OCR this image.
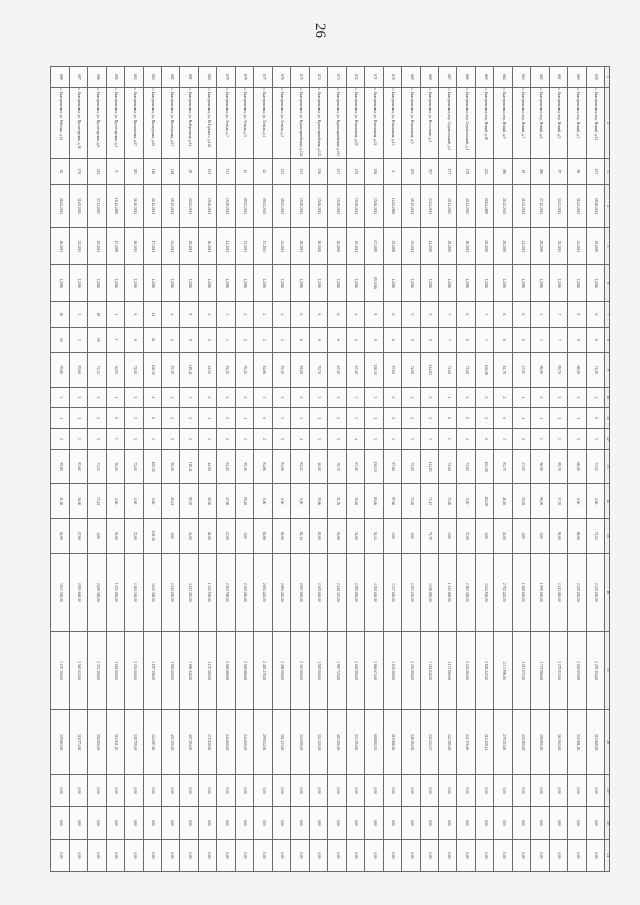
26
1	2	3	4	5	6	7	8	9	10	11	12	13	14	15	16	17	18	19	20	21
659	с. Екатериновка, пер. Новый, д.14	157	18.08.2011	19.2019	1,2016	6	6	71,20	2	0	3	73,52	0,00	71,52	2 325 200,00	2 278 104,00	212 668,58	0,00	0,00	0,00
660	с. Екатериновка, пер. Новый, д.3	96	21.03.2011	24.2011	1,2016	8	8	68,00	2	1	2	68,00	0,00	68,00	2 325 200,00	2 049 059,98	211 881,26	0,00	0,00	0,00
661	с. Екатериновка, пер. Новый, д.5	97	22.03.2011	25.2011	1,2016	7	7	85,70	2	1	1	89,70	37,70	50,00	2 413 026,00	2 279 033,00	263 962,00	0,00	0,00	0,00
662	с. Екатериновка, пер. Новый, д.6	380	27.12.2011	28.2019	1,2016	3	3	96,90	2	1	1	96,90	96,90	0,00	1 998 200,00	1 771 866,00	196 851,00	0,00	0,00	0,00
663	с. Екатериновка, пер. Новый, д.7	18	21.02.2011	21.2011	1,2016	6	6	37,55	1	1	0	37,55	15,92	0,00	1 260 400,00	1 113 572,00	120 485,00	0,00	0,00	0,00
664	с. Екатериновка, пер. Новый, д.9	380	26.12.2011	29.2019	1,2016	6	6	82,70	2	0	3	82,70	46,46	34,00	2 792 220,00	2 3 1 996,00	279 253,00	0,00	0,00	0,00
665	с. Екатериновка, пер. Новый, д.10	432	05.04.2009	09.2010	1,2016	3	3	103,08	2	2	0	103,08	103,08	0,00	3 044 500,00	2 828 247,00	215 418,14	0,00	0,00	0,00
666	с. Екатериновка, пер. Строительный, д.1	175	30.11.2011	16.2011	1,2016	6	6	72,00	2	0	3	72,00	0,00	72,00	2 481 300,00	2 242 063,00	244 176,00	0,00	0,00	0,00
667	с. Екатериновка, пер. Строительный, д.3	177	30.11.2011	18.2015	1,2016	7	7	72,00	1	0	1	72,00	72,00	0,00	1 341 000,00	1 173 066,00	124 385,00	0,00	0,00	0,00
668	с. Екатериновка, ул. Восточная, д.3	357	23.04.2011	14.2015	1,2016	5	5	144,83	2	2	3	144,83	73,13	71,70	3 516 000,00	3 251 640,00	242 222,37	0,00	0,00	0,00
669	с. Екатериновка, ул. Вокзальная, д.5	201	28.12.2011	23.2011	1,2016	5	5	72,00	2	2	3	72,00	72,00	0,00	2 451 230,00	2 235 090,00	248 192,00	0,00	0,00	0,00
670	с. Екатериновка, ул. Вокзальная, д.13	6	14.02.2009	15.2009	1,2016	6	6	97,60	2	2	2	97,60	97,60	0,00	3 337 400,00	3 031 000,00	215 866,00	0,00	0,00	0,00
671	с. Екатериновка, ул. Вокзальная, д.24	156	15.06.2011	07.2019	09.2016	8	8	120,10	3	1	3	120,10	65,66	54,44	4 150 400,00	3 866 674,00	608 002,93	0,00	0,00	0,00
672	с. Екатериновка, ул. Вокзальная, д.29	135	15.08.2011	15.2011	1,2016	4	4	67,40	3	3	4	67,40	36,40	31,00	2 285 000,00	2 049 580,00	233 294,00	0,00	0,00	0,00
673	с. Екатериновка, ул. Красноармейская, д.111	137	15.06.2011	16.2002	1,2016	6	6	67,40	2	2	2	70,70	31,76	35,80	2 440 325,00	3 967 725,00	483 451,00	0,00	0,00	0,00
674	с. Екатериновка, ул. Красноармейская, д.123	136	15.06.2011	16.2002	1,2016	6	6	70,70	3	1	3	40,00	39,66	20,00	2 145 000,00	1 920 000,00	254 320,00	0,00	0,00	0,00
675	с. Екатериновка, ул. Красноармейская, д.124	133	15.08.2011	20.2011	1,2016	6	6	82,00	2	3	4	82,22	0,00	82,14	2 657 000,00	2 310 000,00	324 000,00	0,00	0,00	0,00
676	с. Екатериновка, ул. Лесная, д.2	233	28.03.2011	24.2011	1,2016	4	4	93,30	2	3	2	84,66	0,00	84,00	2 694 440,00	2 408 000,00	301 213,00	0,00	0,00	0,00
677	с. Екатериновка, ул. Лесная, д.4	42	09.03.2011	13.2011	1,2016	4	4	84,66	3	0	2	84,66	0,00	84,66	2 694 440,00	2 418 276,00	298 022,00	0,00	0,00	0,00
678	с. Екатериновка, ул. Лесная, д.5	43	09.03.2011	13.2011	1,2016	4	4	95,40	2	1	3	95,40	95,40	0,00	2 300 416,00	2 048 666,00	244 000,00	0,00	0,00	0,00
679	с. Екатериновка, ул. Лесная, д.7	133	15.08.2011	14.2011	1,2016	3	3	94,20	2	2	2	94,20	47,00	47,00	2 292 760,00	2 048 666,00	244 000,00	0,00	0,00	0,00
680	с. Екатериновка, ул. М.Горького, д.102	153	15.06.2011	16.2011	1,2016	4	4	44,50	2	1	2	44,50	18,50	26,00	1 325 500,00	1 157 282,00	172 528,00	0,00	0,00	0,00
681	с. Екатериновка, ул. Набережная, д.14	28	20.02.2011	19.2011	1,2016	8	8	119,42	3	2	2	119,42	85,30	34,00	4 127 340,00	3 690 140,00	407 294,00	0,00	0,00	0,00
682	с. Екатериновка, ул. Пионерская, д.23	148	18.12.2011	24.2011	1,2016	4	4	93,39	2	2	2	90,18	45,41	0,00	2 242 200,00	1 920 000,00	452 351,00	0,00	0,00	0,00
683	с. Екатериновка, ул. Пионерская, д.25	116	26.12.2011	17.2011	1,2016	21	21	105,30	4	0	3	105,30	0,00	105,30	3 632 300,00	3 187 356,00	324 697,00	0,00	0,00	0,00
684	с. Екатериновка, ул. Пионерская, д.27	383	26.10.2011	16.2011	1,2016	6	6	72,00	2	2	2	72,00	0,00	72,00	2 484 300,00	2 251 000,00	249 759,00	0,00	0,00	0,00
685	с. Екатериновка, ул. Пролетарская, д.2	8	16.12.2009	17.2009	1,2016	1	1	30,00	1	0	1	30,00	0,00	30,00	1 035 000,00	1 001 000,00	114 821,10	0,00	0,00	0,00
686	с. Екатериновка, ул. Пролетарская, д.6	214	27.11.2011	19.2011	1,2016	18	18	73,14	2	2	2	73,14	73,14	0,00	2 629 300,00	2 374 300,00	252 000,00	0,00	0,00	0,00
687	с. Екатериновка, ул. Пролетарская, д.10	170	11.09.2011	22.2011	1,2016	3	3	83,60	2	1	1	83,60	36,00	47,60	2 883 600,00	2 562 024,00	316 774,00	0,00	0,00	0,00
688	с. Екатериновка, ул. Рабочая, д.14	52	26.02.2011	16.2011	1,2016	10	10	95,80	3	1	2	95,80	41,00	54,00	3 637 300,00	3 197 300,00	329 663,00	0,00	0,00	0,00
